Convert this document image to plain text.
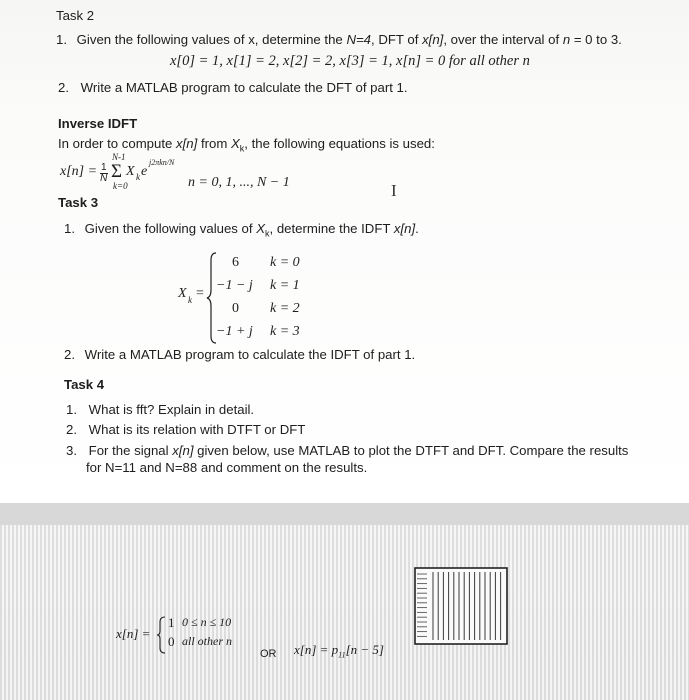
Task 2
1. Given the following values of x, determine the N=4, DFT of x[n], over the interval of n = 0 to 3.
x[0] = 1, x[1] = 2, x[2] = 2, x[3] = 1, x[n] = 0 for all other n
2. Write a MATLAB program to calculate the DFT of part 1.
Inverse IDFT
In order to compute x[n] from $X_k$, the following equations is used:
$x[n] = \frac{1}{N}$
N-1
Σ
k=0
X k e
j2πkn/N
n = 0, 1, ..., N − 1	I
Task 3
1. Given the following values of $X_k$, determine the IDFT x[n].
X k =
6 k = 0
−1 − j k = 1
0 k = 2
−1 + j k = 3
2. Write a MATLAB program to calculate the IDFT of part 1.
Task 4
1. What is fft? Explain in detail.
2. What is its relation with DTFT or DFT
3. For the signal x[n] given below, use MATLAB to plot the DTFT and DFT. Compare the results
for N=11 and N=88 and comment on the results.
x[n] =
1 0 ≤ n ≤ 10
0 all other n
OR $x[n] = p_{11}[n - 5]$
